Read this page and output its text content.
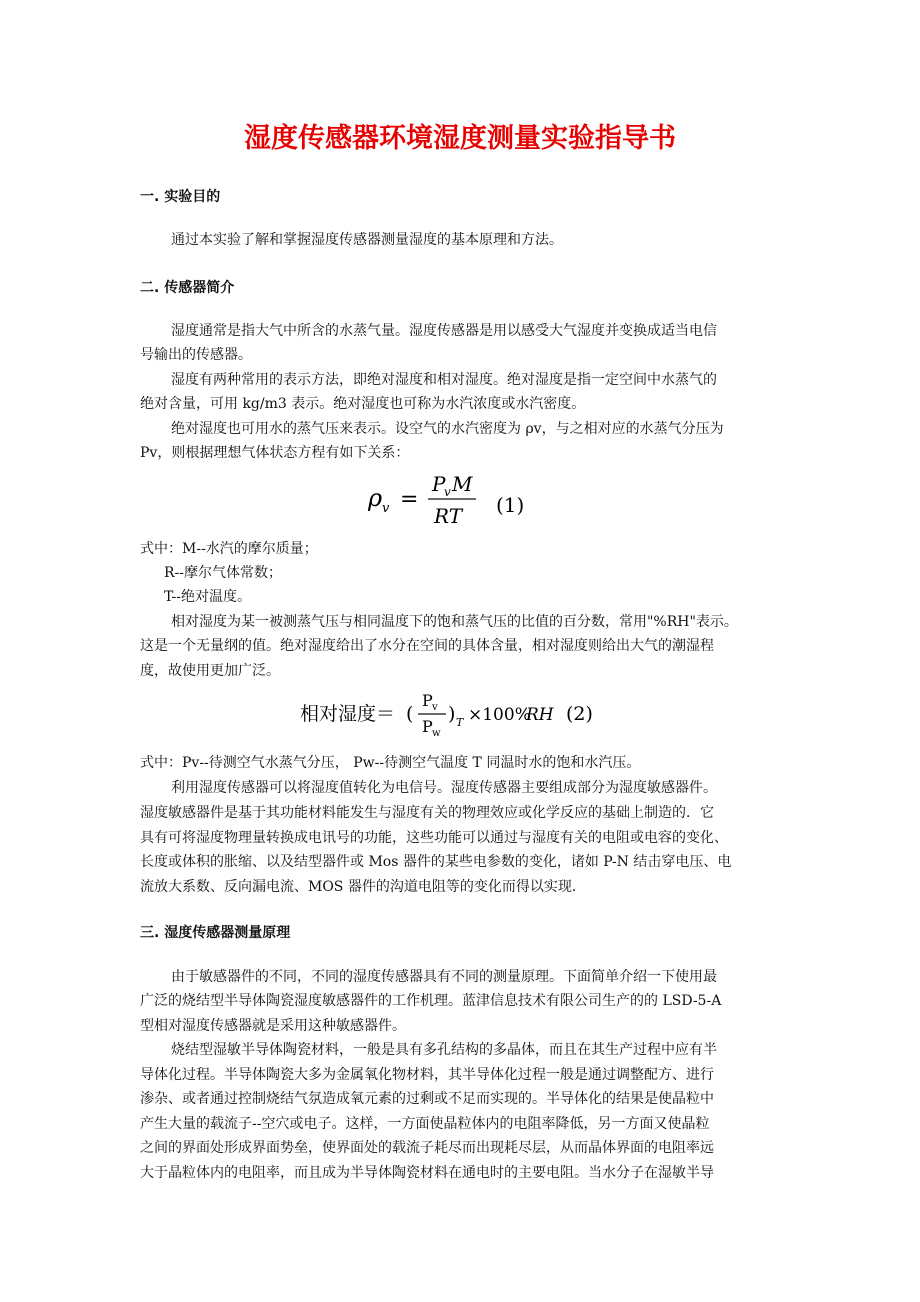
湿度传感器环境湿度测量实验指导书
一. 实验目的
通过本实验了解和掌握湿度传感器测量湿度的基本原理和方法。
二. 传感器简介
湿度通常是指大气中所含的水蒸气量。湿度传感器是用以感受大气湿度并变换成适当电信
号输出的传感器。
湿度有两种常用的表示方法，即绝对湿度和相对湿度。绝对湿度是指一定空间中水蒸气的
绝对含量，可用 kg/m3 表示。绝对湿度也可称为水汽浓度或水汽密度。
绝对湿度也可用水的蒸气压来表示。设空气的水汽密度为 ρv，与之相对应的水蒸气分压为
Pv，则根据理想气体状态方程有如下关系：
ρ v =
P
v M
RT (1)
式中：M--水汽的摩尔质量；
R--摩尔气体常数；
T--绝对温度。
相对湿度为某一被测蒸气压与相同温度下的饱和蒸气压的比值的百分数，常用"%RH"表示。
这是一个无量纲的值。绝对湿度给出了水分在空间的具体含量，相对湿度则给出大气的潮湿程
度，故使用更加广泛。
相对湿度＝ (
P v
P w
) T ×100%
RH (2)
式中：Pv--待测空气水蒸气分压， Pw--待测空气温度 T 同温时水的饱和水汽压。
利用湿度传感器可以将湿度值转化为电信号。湿度传感器主要组成部分为湿度敏感器件。
湿度敏感器件是基于其功能材料能发生与湿度有关的物理效应或化学反应的基础上制造的．它
具有可将湿度物理量转换成电讯号的功能，这些功能可以通过与湿度有关的电阻或电容的变化、
长度或体积的胀缩、以及结型器件或 Mos 器件的某些电参数的变化，诸如 P-N 结击穿电压、电
流放大系数、反向漏电流、MOS 器件的沟道电阻等的变化而得以实现．
三. 湿度传感器测量原理
由于敏感器件的不同，不同的湿度传感器具有不同的测量原理。下面简单介绍一下使用最
广泛的烧结型半导体陶瓷湿度敏感器件的工作机理。蓝津信息技术有限公司生产的的 LSD-5-A
型相对湿度传感器就是采用这种敏感器件。
烧结型湿敏半导体陶瓷材料，一般是具有多孔结构的多晶体，而且在其生产过程中应有半
导体化过程。半导体陶瓷大多为金属氧化物材料，其半导体化过程一般是通过调整配方、进行
渗杂、或者通过控制烧结气氛造成氧元素的过剩或不足而实现的。半导体化的结果是使晶粒中
产生大量的载流子--空穴或电子。这样，一方面使晶粒体内的电阻率降低，另一方面又使晶粒
之间的界面处形成界面势垒，使界面处的载流子耗尽而出现耗尽层，从而晶体界面的电阻率远
大于晶粒体内的电阻率，而且成为半导体陶瓷材料在通电时的主要电阻。当水分子在湿敏半导
